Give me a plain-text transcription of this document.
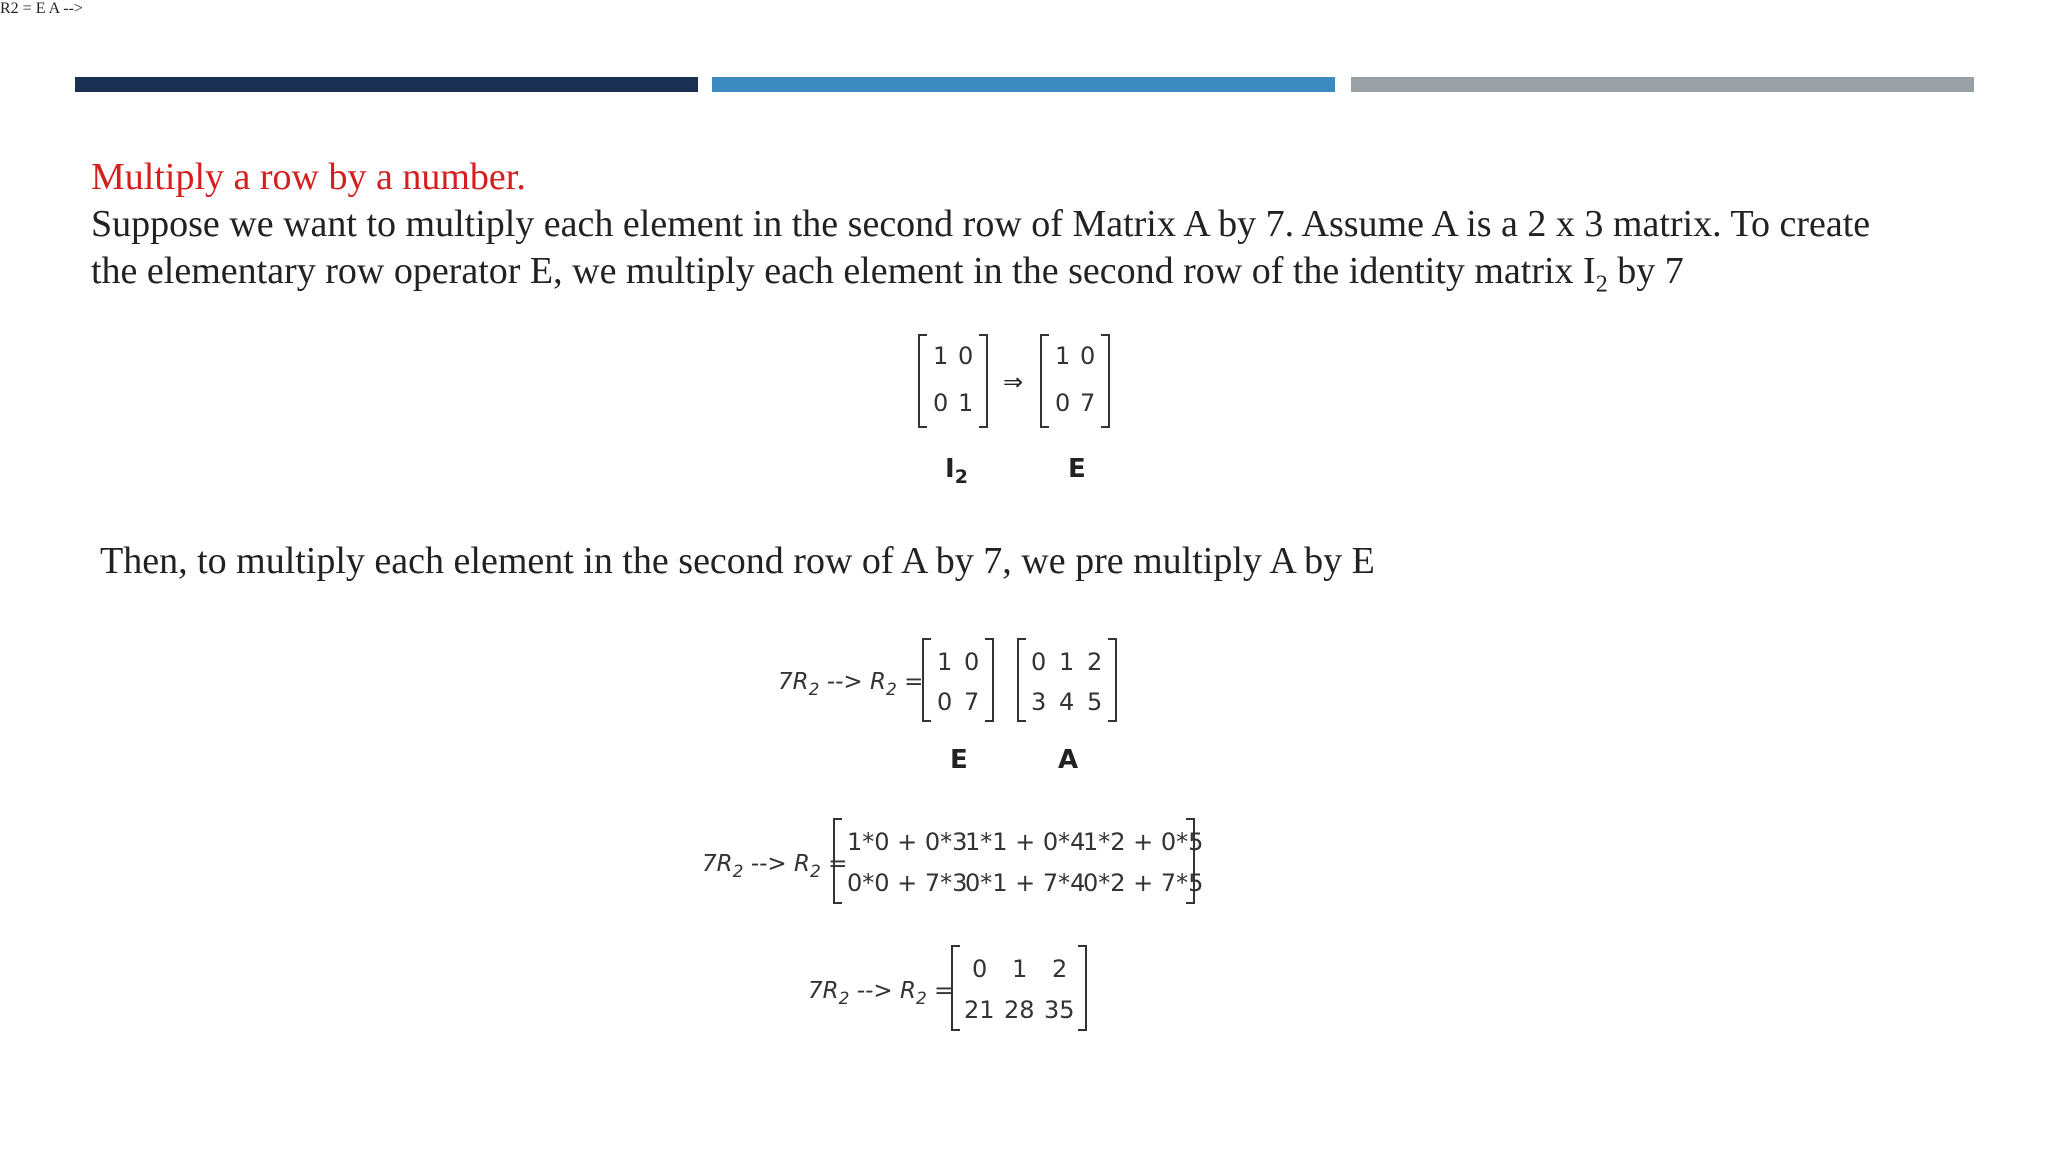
Multiply a row by a number.
Suppose we want to multiply each element in the second row of Matrix A by 7. Assume A is a 2 x 3 matrix. To create
the elementary row operator E, we multiply each element in the second row of the identity matrix $I_2$ by 7
1 0
0 1
⇒
1 0
0 7
$I_2$	E
Then, to multiply each element in the second row of A by 7, we pre multiply A by E
R2 = E A -->
$7R_2$ --> $R_2$ =
1 0
0 7
0 1 2
3 4 5
E	A
$7R_2$ --> $R_2$ =
1*0 + 0*3
1*1 + 0*4
1*2 + 0*5
0*0 + 7*3
0*1 + 7*4
0*2 + 7*5
$7R_2$ --> $R_2$ =
0 1 2
21 28 35
